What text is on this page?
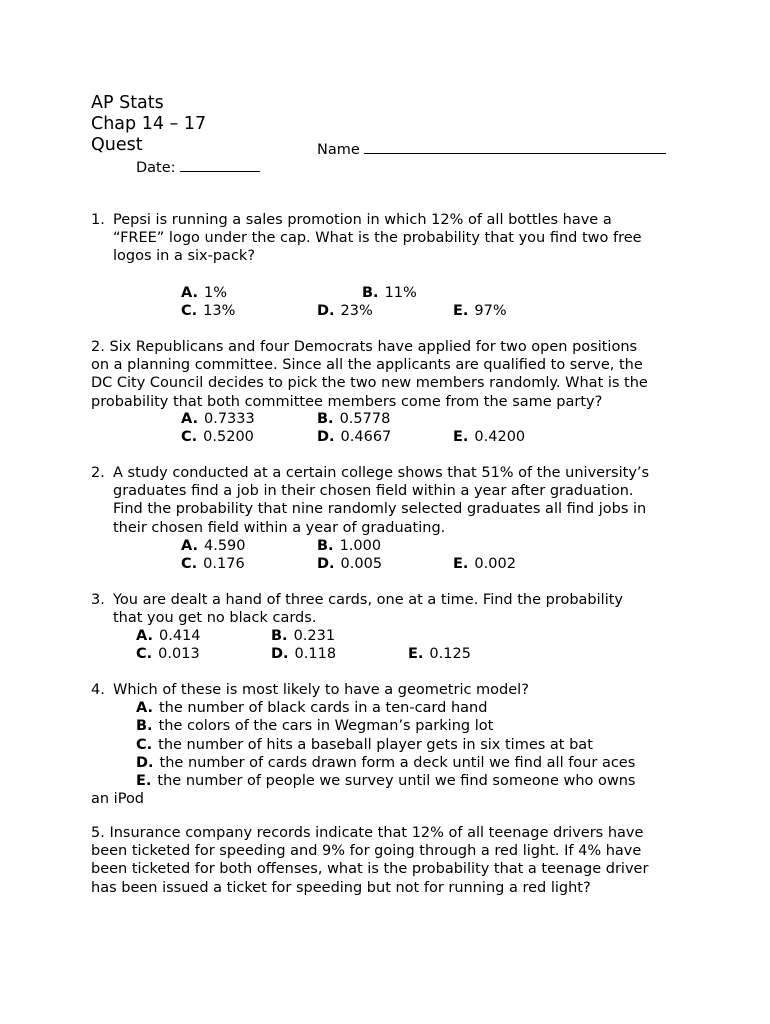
AP Stats
Chap 14 – 17
Quest	Name
Date:
1. Pepsi is running a sales promotion in which 12% of all bottles have a
“FREE” logo under the cap. What is the probability that you find two free
logos in a six-pack?
A. 1%	B. 11%
C. 13%	D. 23%	E. 97%
2. Six Republicans and four Democrats have applied for two open positions
on a planning committee. Since all the applicants are qualified to serve, the
DC City Council decides to pick the two new members randomly. What is the
probability that both committee members come from the same party?
A. 0.7333	B. 0.5778
C. 0.5200	D. 0.4667	E. 0.4200
2. A study conducted at a certain college shows that 51% of the university’s
graduates find a job in their chosen field within a year after graduation.
Find the probability that nine randomly selected graduates all find jobs in
their chosen field within a year of graduating.
A. 4.590	B. 1.000
C. 0.176	D. 0.005	E. 0.002
3. You are dealt a hand of three cards, one at a time. Find the probability
that you get no black cards.
A. 0.414	B. 0.231
C. 0.013	D. 0.118	E. 0.125
4. Which of these is most likely to have a geometric model?
A. the number of black cards in a ten-card hand
B. the colors of the cars in Wegman’s parking lot
C. the number of hits a baseball player gets in six times at bat
D. the number of cards drawn form a deck until we find all four aces
E. the number of people we survey until we find someone who owns
an iPod
5. Insurance company records indicate that 12% of all teenage drivers have
been ticketed for speeding and 9% for going through a red light. If 4% have
been ticketed for both offenses, what is the probability that a teenage driver
has been issued a ticket for speeding but not for running a red light?
